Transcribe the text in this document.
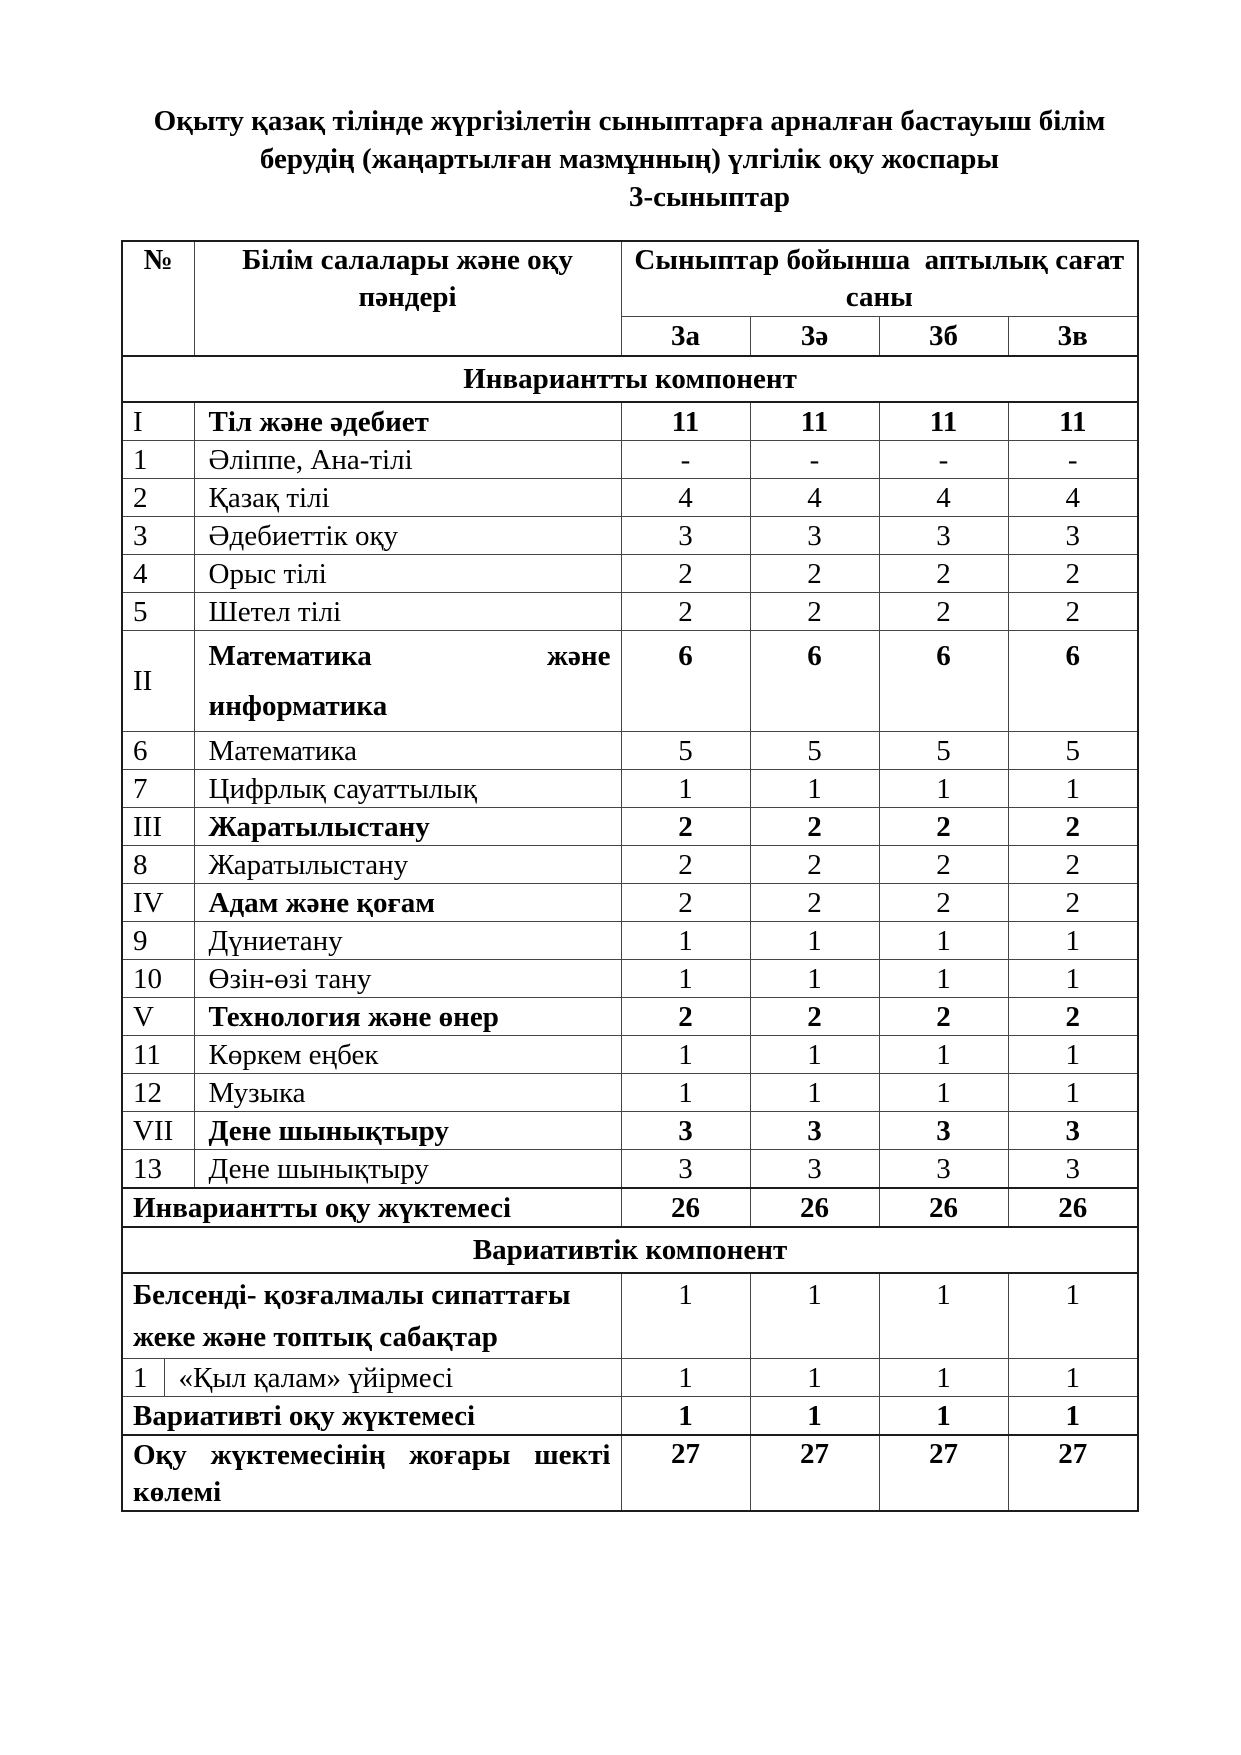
Оқыту қазақ тілінде жүргізілетін сыныптарға арналған бастауыш білім
берудің (жаңартылған мазмұнның) үлгілік оқу жоспары
3-сыныптар
№		Білім салалары және оқу пәндері	Сыныптар бойынша  аптылық сағат саны			
			3а	3ә	3б	3в
Инвариантты компонент						
I		Тіл және әдебиет	11	11	11	11
1		Әліппе, Ана-тілі	-	-	-	-
2		Қазақ тілі	4	4	4	4
3		Әдебиеттік оқу	3	3	3	3
4		Орыс тілі	2	2	2	2
5		Шетел тілі	2	2	2	2
II		Математика және
информатика	6	6	6	6
6		Математика	5	5	5	5
7		Цифрлық сауаттылық	1	1	1	1
III		Жаратылыстану	2	2	2	2
8		Жаратылыстану	2	2	2	2
IV		Адам және қоғам	2	2	2	2
9		Дүниетану	1	1	1	1
10		Өзін-өзі тану	1	1	1	1
V		Технология және өнер	2	2	2	2
11		Көркем еңбек	1	1	1	1
12		Музыка	1	1	1	1
VII		Дене шынықтыру	3	3	3	3
13		Дене шынықтыру	3	3	3	3
Инвариантты оқу жүктемесі			26	26	26	26
Вариативтік компонент						

Белсенді- қозғалмалы сипаттағы
жеке және топтық сабақтар			1	1	1	1
1	«Қыл қалам» үйірмесі		1	1	1	1
Вариативті оқу жүктемесі			1	1	1	1

Оқу жүктемесінің жоғары шекті
көлемі			27	27	27	27
